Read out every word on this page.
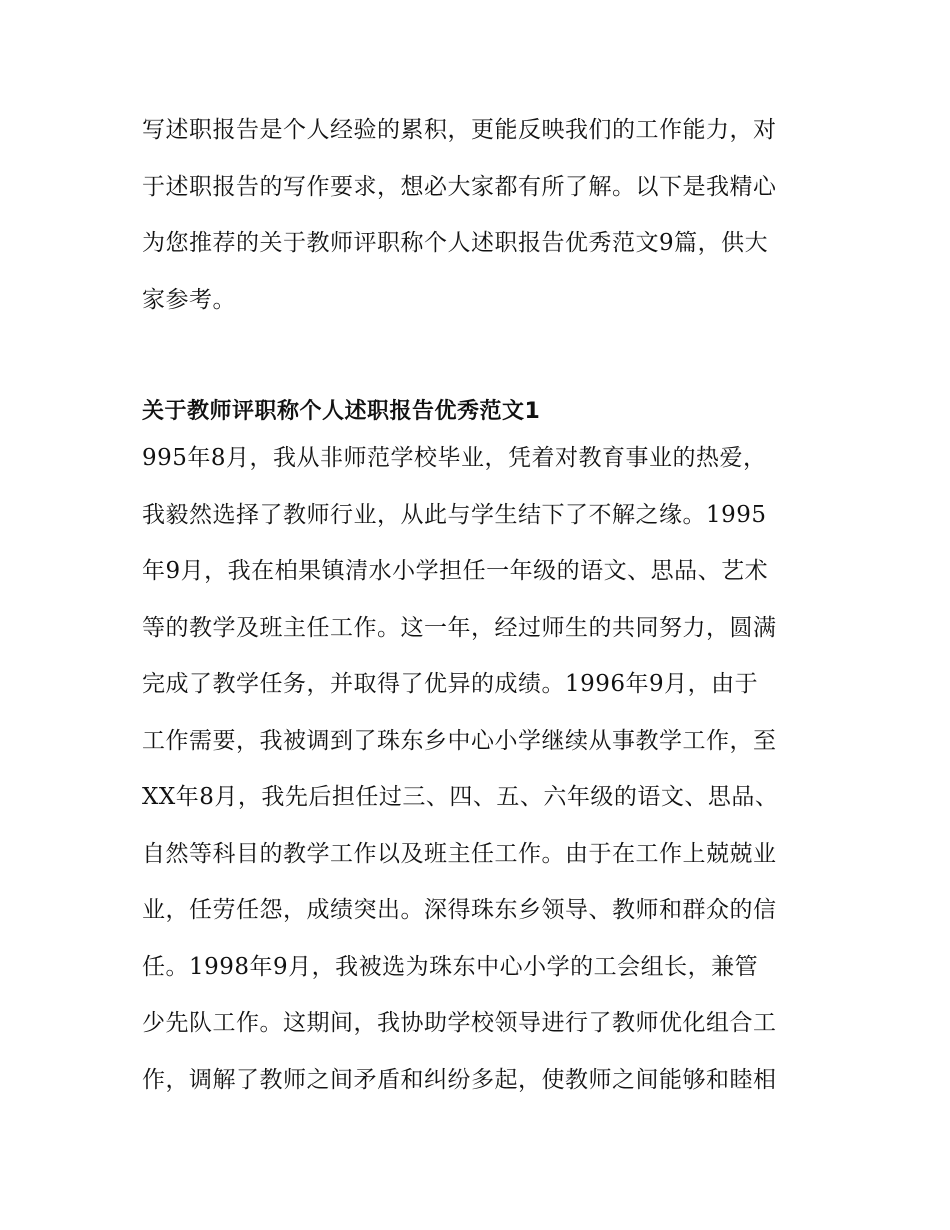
写述职报告是个人经验的累积，更能反映我们的工作能力，对
于述职报告的写作要求，想必大家都有所了解。以下是我精心
为您推荐的关于教师评职称个人述职报告优秀范文9篇，供大
家参考。
关于教师评职称个人述职报告优秀范文1
995年8月，我从非师范学校毕业，凭着对教育事业的热爱，
我毅然选择了教师行业，从此与学生结下了不解之缘。1995
年9月，我在柏果镇清水小学担任一年级的语文、思品、艺术
等的教学及班主任工作。这一年，经过师生的共同努力，圆满
完成了教学任务，并取得了优异的成绩。1996年9月，由于
工作需要，我被调到了珠东乡中心小学继续从事教学工作，至
XX年8月，我先后担任过三、四、五、六年级的语文、思品、
自然等科目的教学工作以及班主任工作。由于在工作上兢兢业
业，任劳任怨，成绩突出。深得珠东乡领导、教师和群众的信
任。1998年9月，我被选为珠东中心小学的工会组长，兼管
少先队工作。这期间，我协助学校领导进行了教师优化组合工
作，调解了教师之间矛盾和纠纷多起，使教师之间能够和睦相
